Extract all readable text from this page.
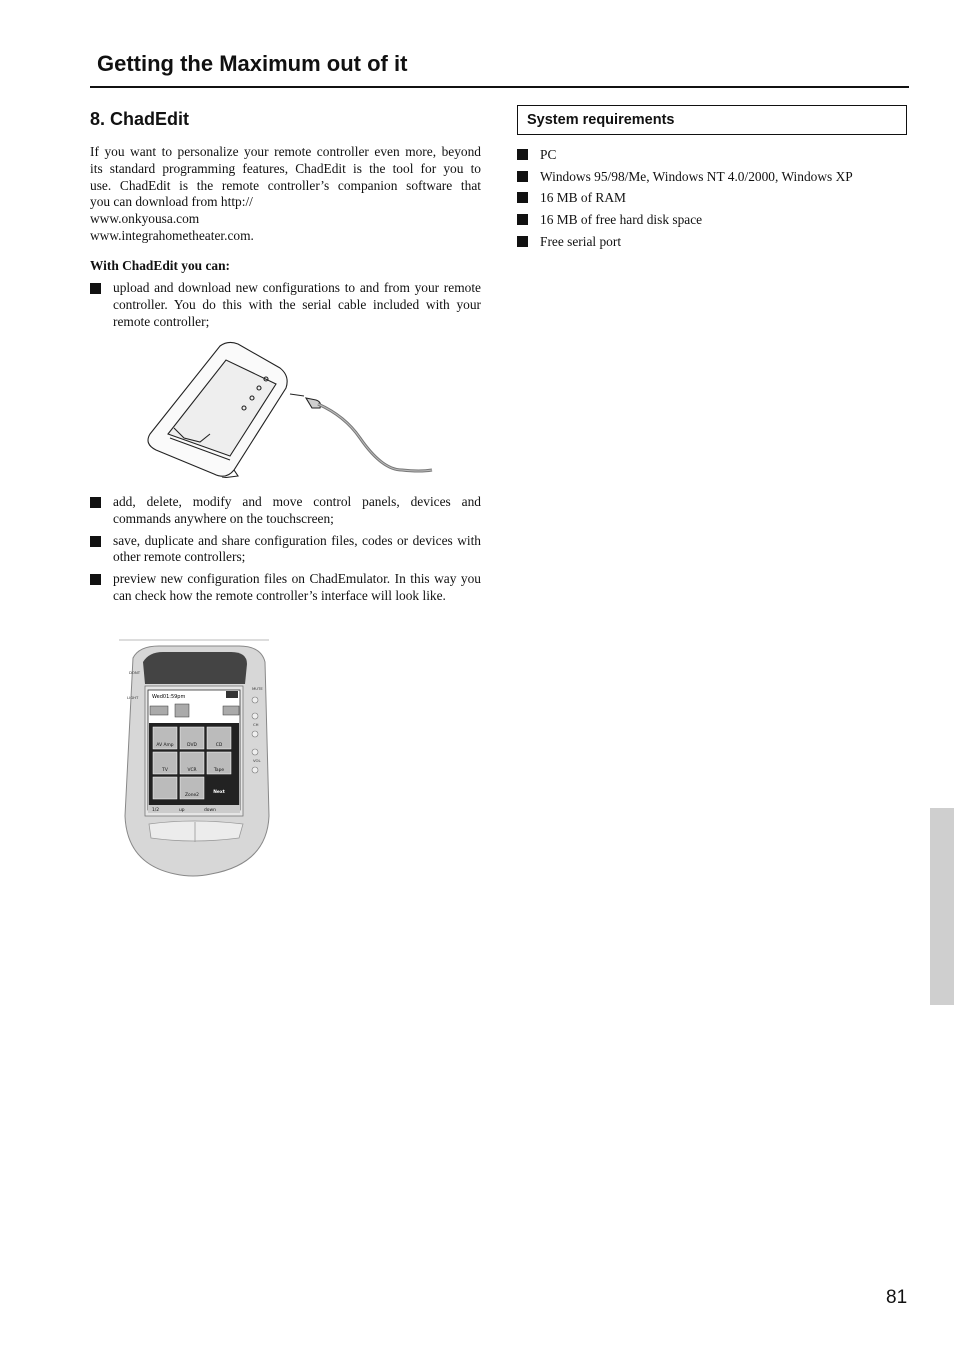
Getting the Maximum out of it
8. ChadEdit

If you want to personalize your remote controller even more, beyond
its standard programming features, ChadEdit is the tool for you to
use. ChadEdit is the remote controller’s companion software that
you can download from http://
www.onkyousa.com
www.integrahometheater.com.

With ChadEdit you can:

upload and download new configurations to and from your remote controller. You do this with the serial cable included with your remote controller;
add, delete, modify and move control panels, devices and commands anywhere on the touchscreen;
save, duplicate and share configuration files, codes or devices with other remote controllers;
preview new configuration files on ChadEmulator. In this way you can check how the remote controller’s interface will look like.
Wed01:59pm
AV Amp	DVD	CD
TV	VCR	Tape
Zone2
Next
1/2	up	down
DONT
LIGHT
MUTE
CH
VOL
System requirements
PC
Windows 95/98/Me, Windows NT 4.0/2000, Windows XP
16 MB of RAM
16 MB of free hard disk space
Free serial port

81
